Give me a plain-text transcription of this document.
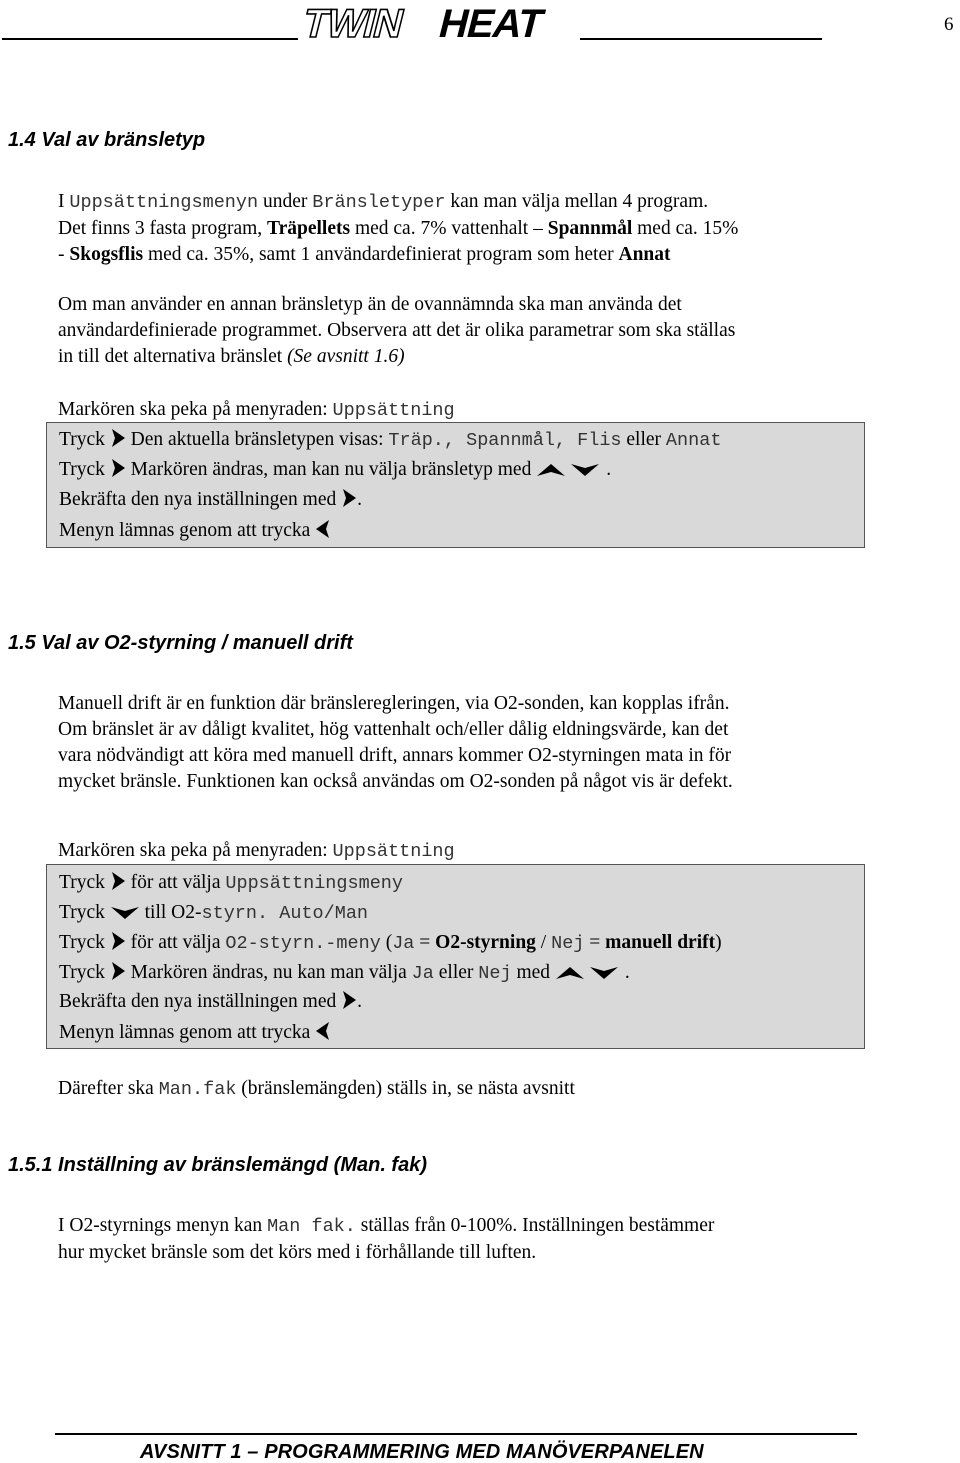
TWIN HEAT	6
1.4 Val av bränsletyp
I Uppsättningsmenyn under Bränsletyper kan man välja mellan 4 program.
Det finns 3 fasta program, Träpellets med ca. 7% vattenhalt – Spannmål med ca. 15%
- Skogsflis med ca. 35%, samt 1 användardefinierat program som heter Annat
Om man använder en annan bränsletyp än de ovannämnda ska man använda det
användardefinierade programmet. Observera att det är olika parametrar som ska ställas
in till det alternativa bränslet (Se avsnitt 1.6)
Markören ska peka på menyraden: Uppsättning
Tryck
Den aktuella bränsletypen visas: Träp., Spannmål, Flis eller Annat
Tryck
Markören ändras, man kan nu välja bränsletyp med	.
Bekräfta den nya inställningen med
.
Menyn lämnas genom att trycka
1.5 Val av O2-styrning / manuell drift
Manuell drift är en funktion där bränsleregleringen, via O2-sonden, kan kopplas ifrån.
Om bränslet är av dåligt kvalitet, hög vattenhalt och/eller dålig eldningsvärde, kan det
vara nödvändigt att köra med manuell drift, annars kommer O2-styrningen mata in för
mycket bränsle. Funktionen kan också användas om O2-sonden på något vis är defekt.
Markören ska peka på menyraden: Uppsättning
Tryck
för att välja Uppsättningsmeny
Tryck
till O2-styrn. Auto/Man
Tryck
för att välja O2-styrn.-meny (Ja = O2-styrning / Nej = manuell drift)
Tryck
Markören ändras, nu kan man välja Ja eller Nej med	.
Bekräfta den nya inställningen med
.
Menyn lämnas genom att trycka
Därefter ska Man.fak (bränslemängden) ställs in, se nästa avsnitt
1.5.1 Inställning av bränslemängd (Man. fak)
I O2-styrnings menyn kan Man fak. ställas från 0-100%. Inställningen bestämmer
hur mycket bränsle som det körs med i förhållande till luften.
AVSNITT 1 – PROGRAMMERING MED MANÖVERPANELEN
